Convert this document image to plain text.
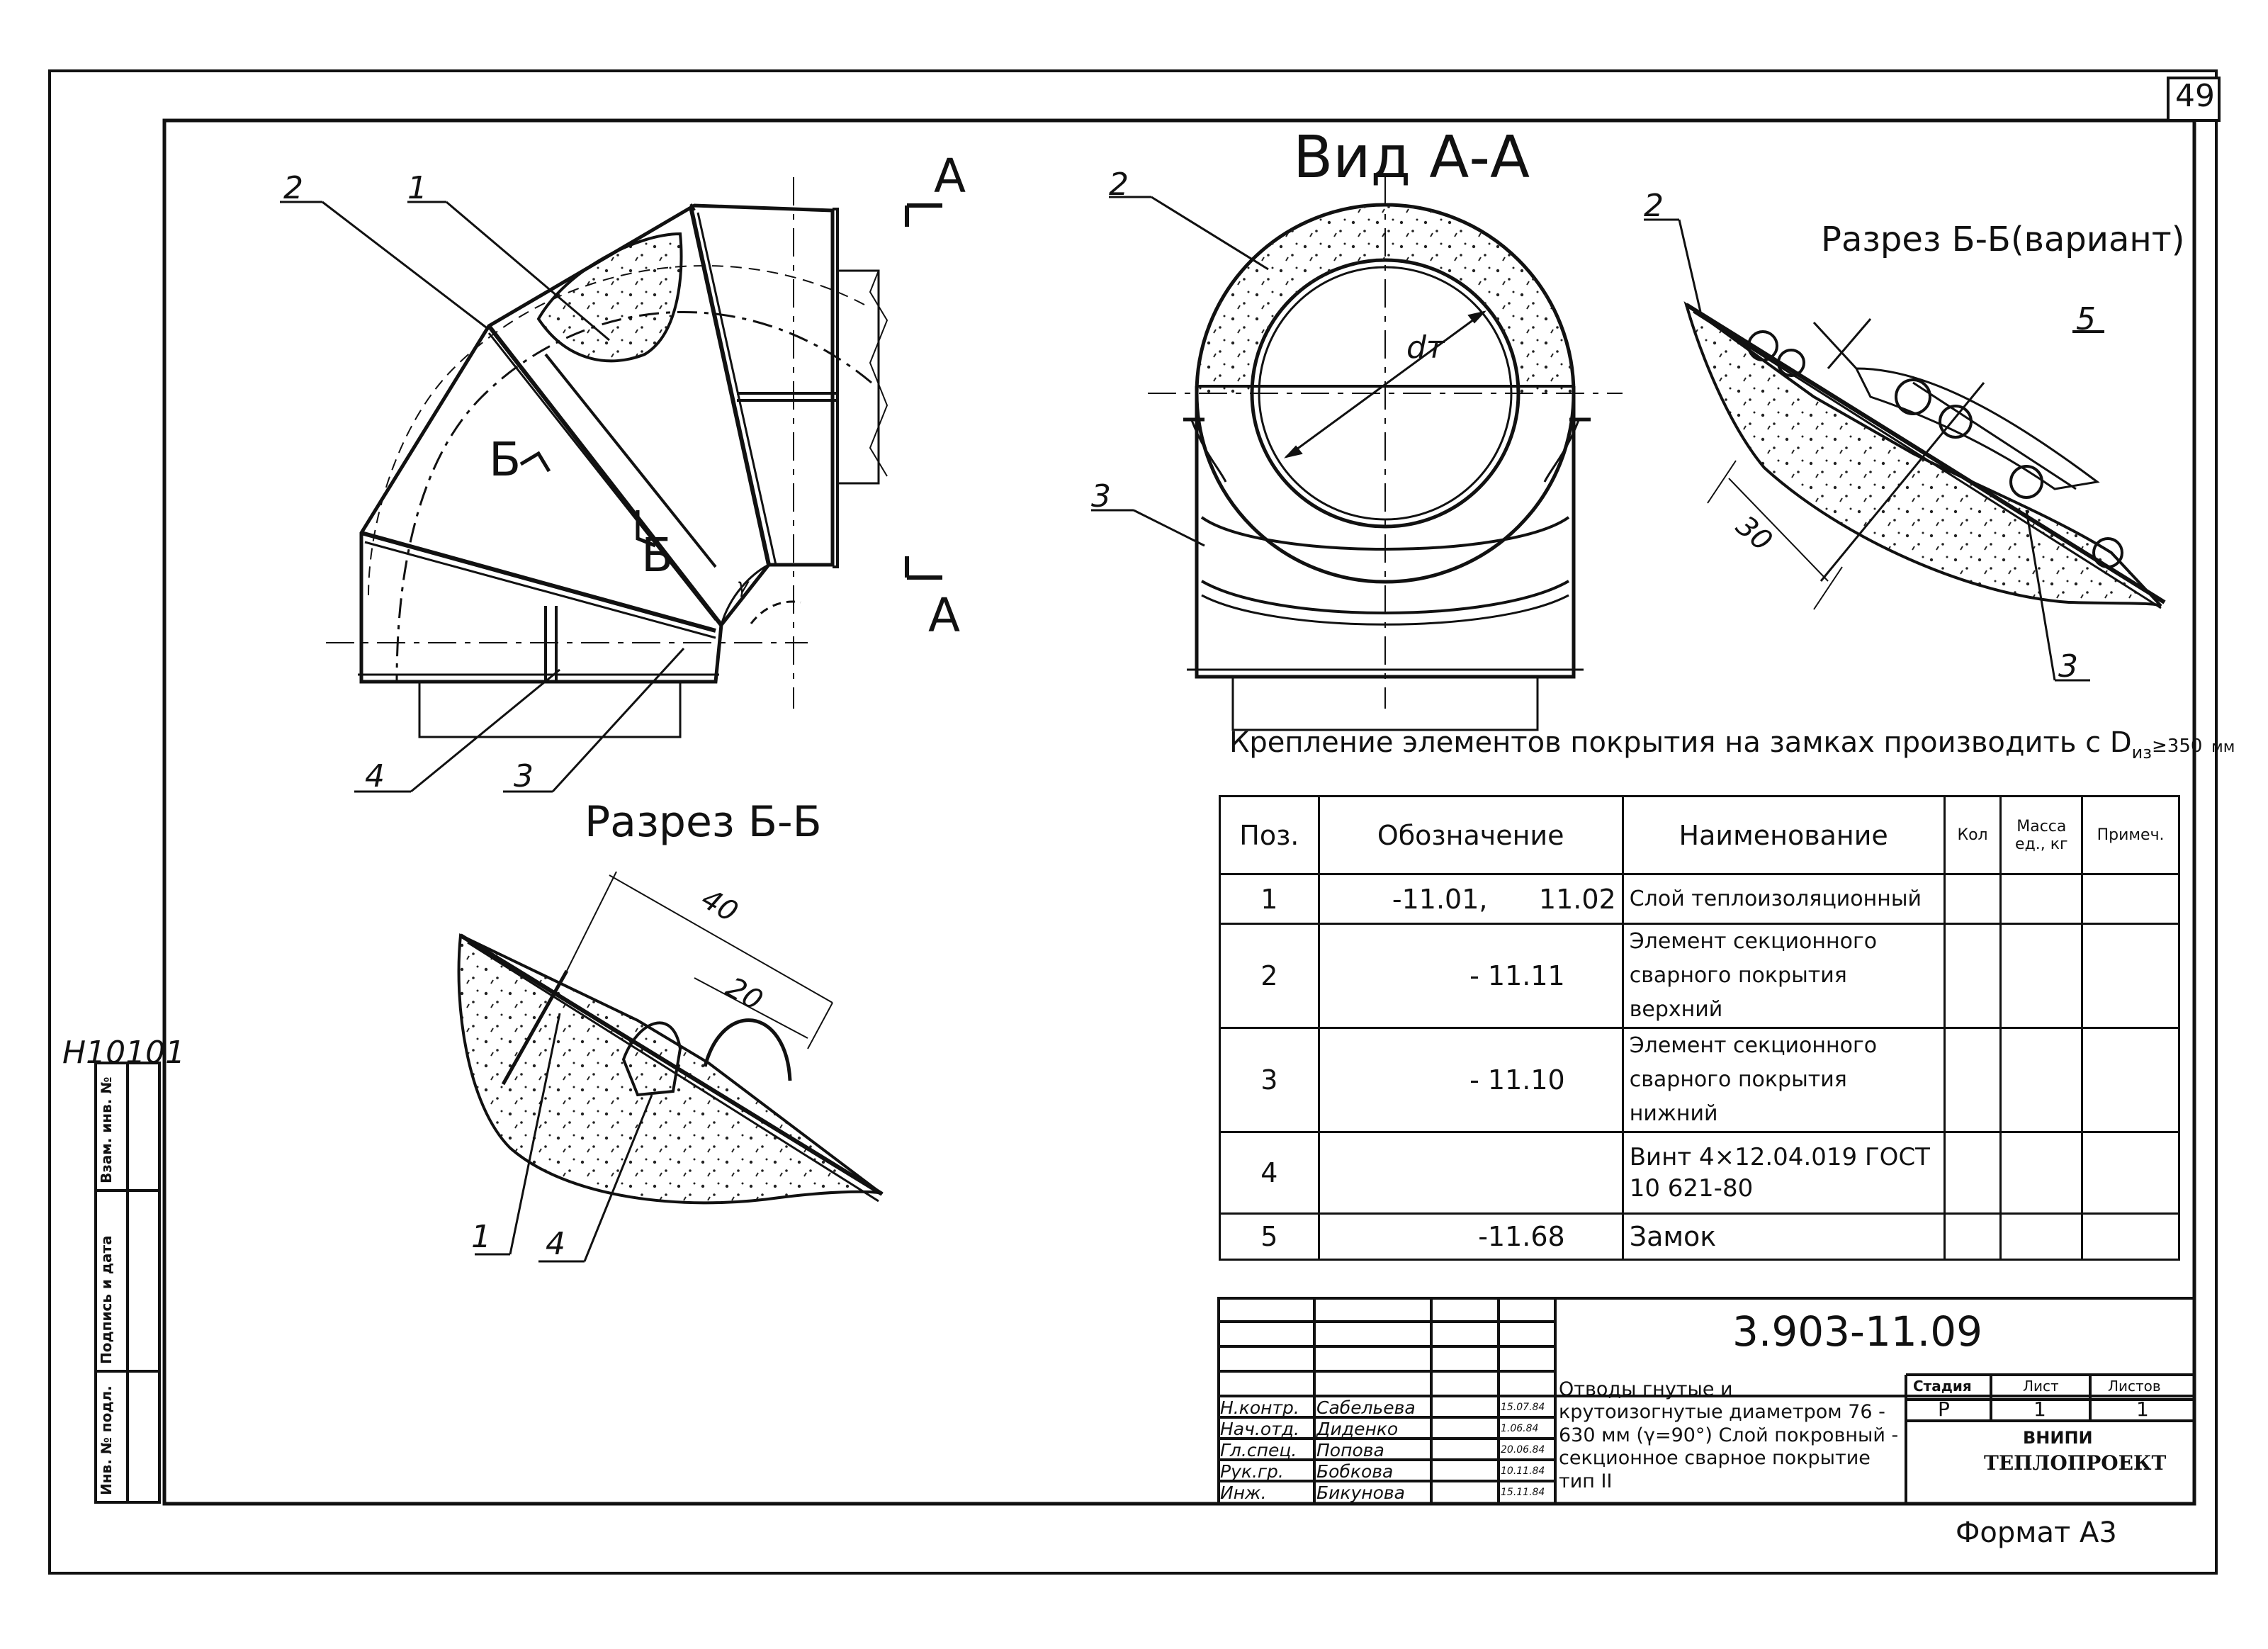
49
H10101
Формат А3
Инв. № подл.
Подпись и дата
Взам. инв. №
А
А
Б
Б
γ
2	1
4	3
Вид А-А
dт
2
3
Разрез Б-Б(вариант)
2
5
3
30
Крепление элементов покрытия на замках производить с $D_{из}\ge 350$ мм
Разрез Б-Б
40
20
1 4
Поз.	Обозначение	Наименование	Кол	Масса ед., кг	Примеч.
1	-11.01,      11.02	Слой теплоизоляционный			
2	- 11.11	Элемент секционного сварного покрытия верхний			
3	- 11.10	Элемент секционного сварного покрытия нижний			
4		Винт 4×12.04.019 ГОСТ 10 621-80			
5	-11.68	Замок			
3.903-11.09
Отводы гнутые и крутоизогнутые диаметром 76 - 630 мм (γ=90°) Слой покровный - секционное сварное покрытие тип II
Стадия	Лист	Листов
Р	1	1
ВНИПИ
ТЕПЛОПРОЕКТ
Н.контр. Сабельева	15.07.84
Нач.отд. Диденко	1.06.84
Гл.спец. Попова	20.06.84
Рук.гр. Бобкова	10.11.84
Инж.	Бикунова	15.11.84
